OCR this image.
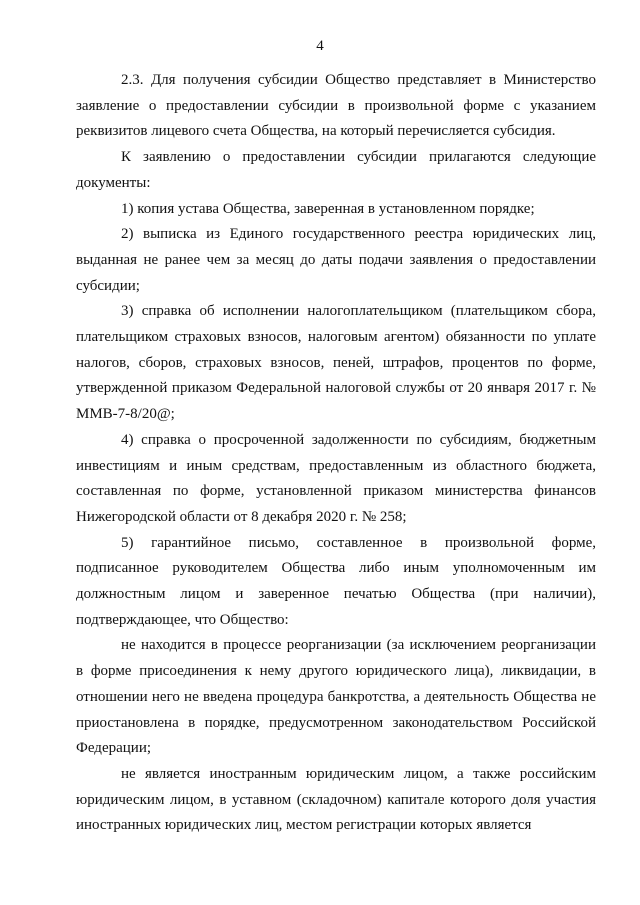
4

2.3. Для получения субсидии Общество представляет в Министерство заявление о предоставлении субсидии в произвольной форме с указанием реквизитов лицевого счета Общества, на который перечисляется субсидия.

К заявлению о предоставлении субсидии прилагаются следующие документы:

1) копия устава Общества, заверенная в установленном порядке;

2) выписка из Единого государственного реестра юридических лиц, выданная не ранее чем за месяц до даты подачи заявления о предоставлении субсидии;

3) справка об исполнении налогоплательщиком (плательщиком сбора, плательщиком страховых взносов, налоговым агентом) обязанности по уплате налогов, сборов, страховых взносов, пеней, штрафов, процентов по форме, утвержденной приказом Федеральной налоговой службы от 20 января 2017 г. № ММВ-7-8/20@;

4) справка о просроченной задолженности по субсидиям, бюджетным инвестициям и иным средствам, предоставленным из областного бюджета, составленная по форме, установленной приказом министерства финансов Нижегородской области от 8 декабря 2020 г. № 258;

5) гарантийное письмо, составленное в произвольной форме, подписанное руководителем Общества либо иным уполномоченным им должностным лицом и заверенное печатью Общества (при наличии), подтверждающее, что Общество:

не находится в процессе реорганизации (за исключением реорганизации в форме присоединения к нему другого юридического лица), ликвидации, в отношении него не введена процедура банкротства, а деятельность Общества не приостановлена в порядке, предусмотренном законодательством Российской Федерации;

не является иностранным юридическим лицом, а также российским юридическим лицом, в уставном (складочном) капитале которого доля участия иностранных юридических лиц, местом регистрации которых является
